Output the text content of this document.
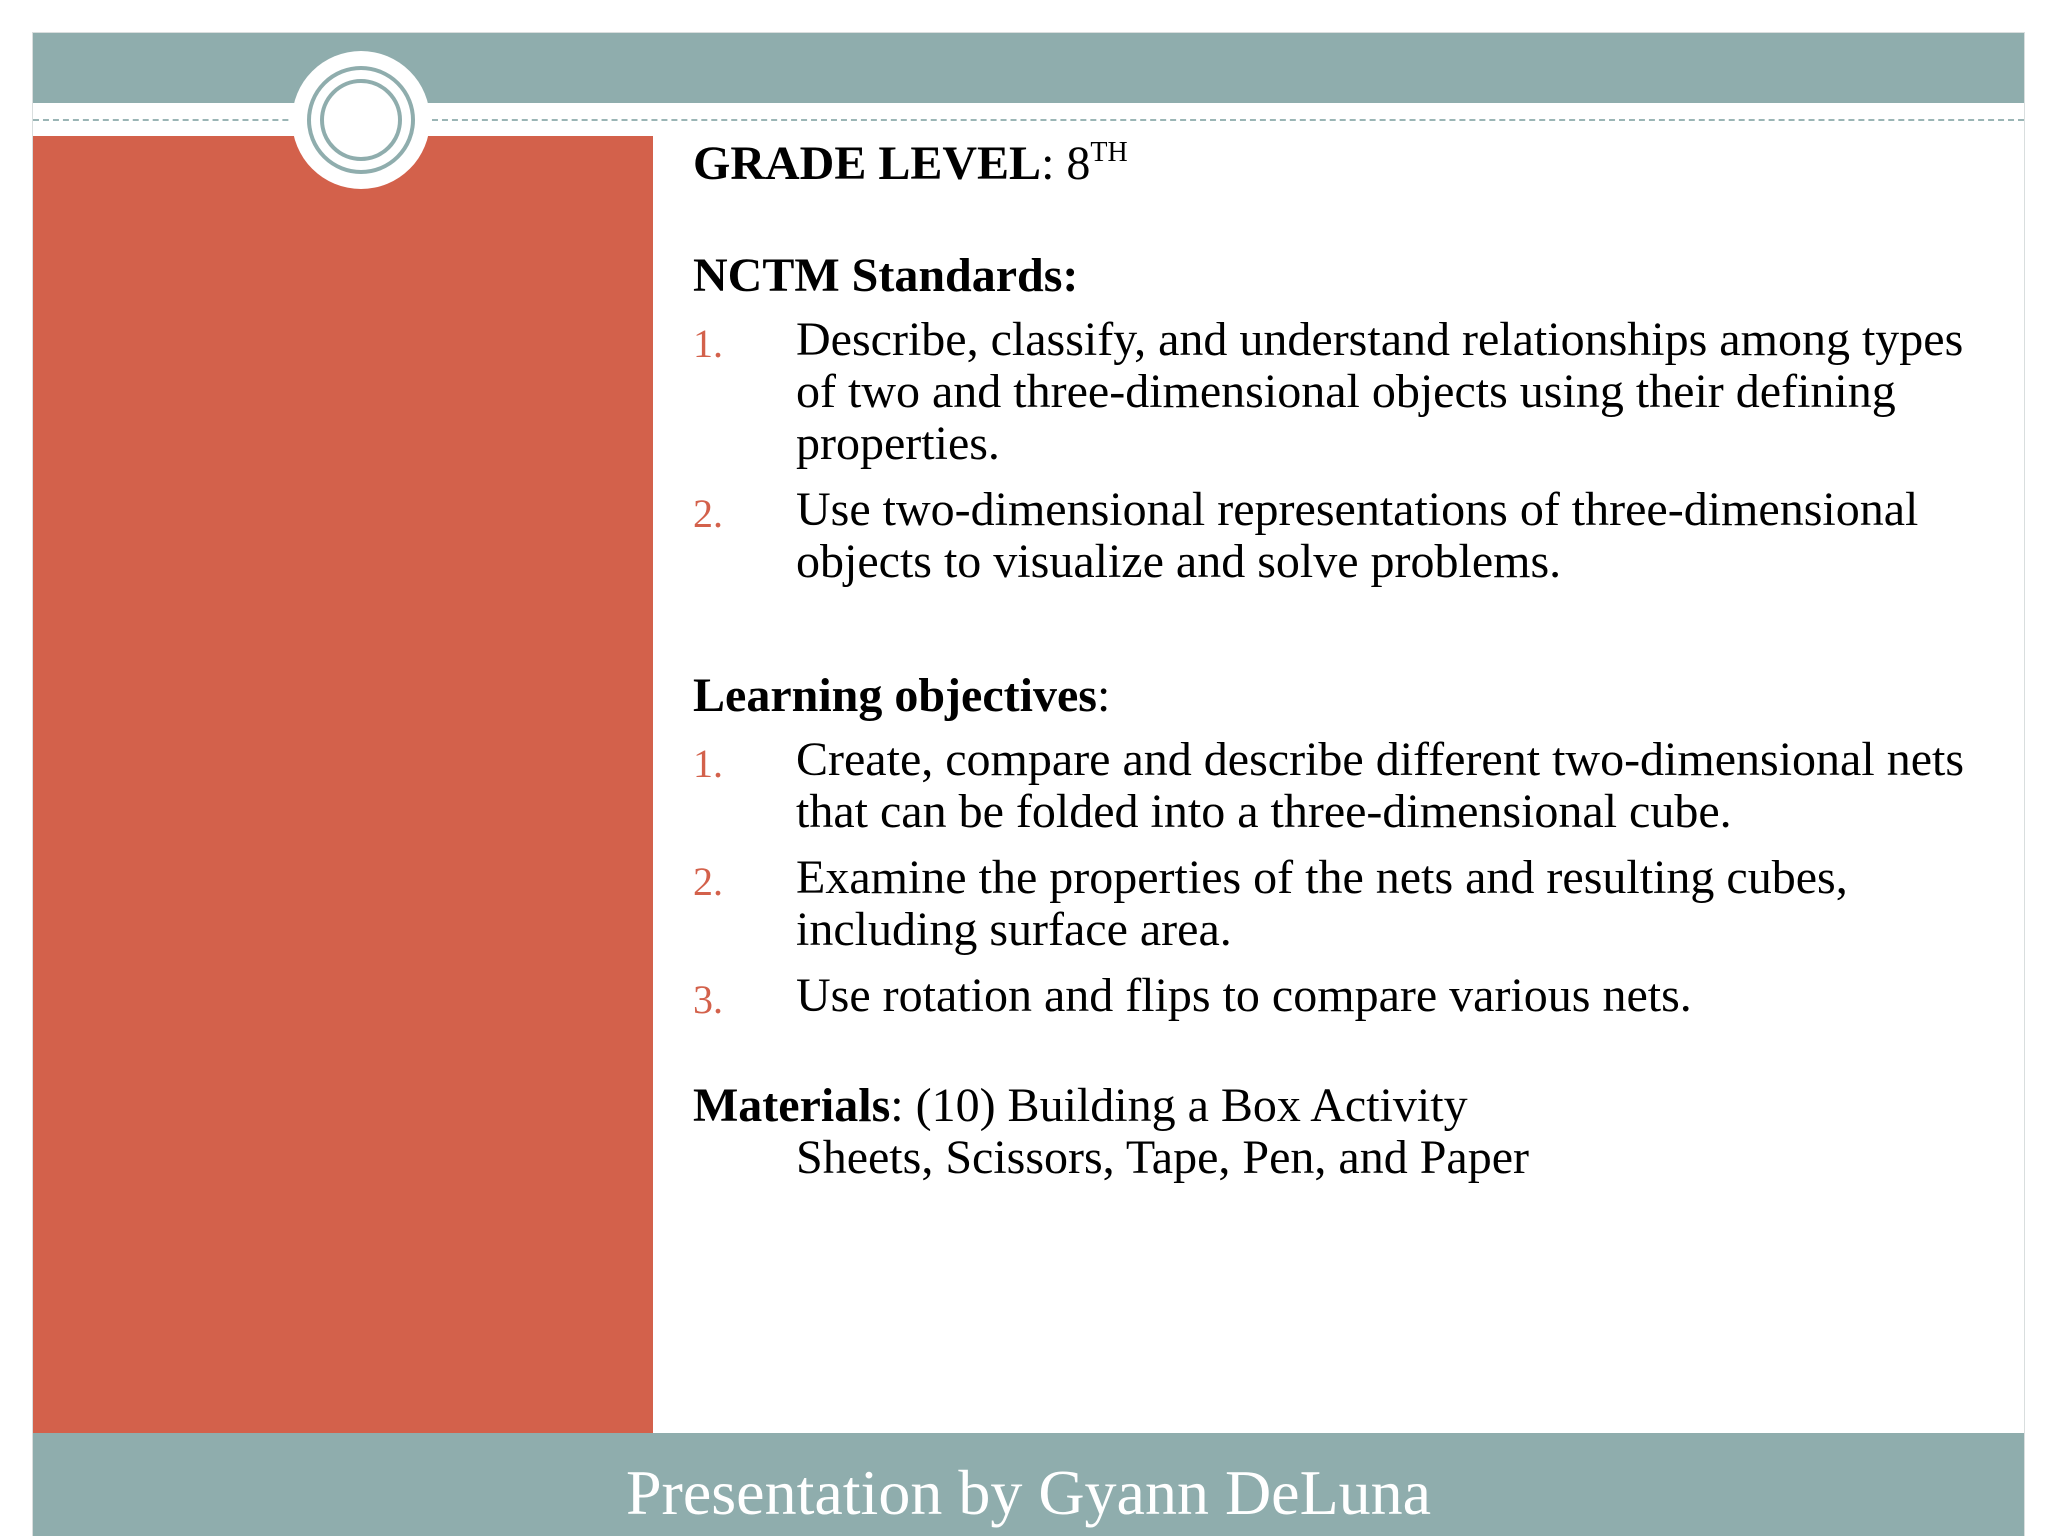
GRADE LEVEL: 8TH

NCTM Standards:

1. Describe, classify, and understand relationships among types of two and three-dimensional objects using their defining properties.
2. Use two-dimensional representations of three-dimensional objects to visualize and solve problems.

Learning objectives:

1. Create, compare and describe different two-dimensional nets that can be folded into a three-dimensional cube.
2. Examine the properties of the nets and resulting cubes, including surface area.
3. Use rotation and flips to compare various nets.

Materials: (10) Building a Box Activity
Sheets, Scissors, Tape, Pen, and Paper

Presentation by Gyann DeLuna
